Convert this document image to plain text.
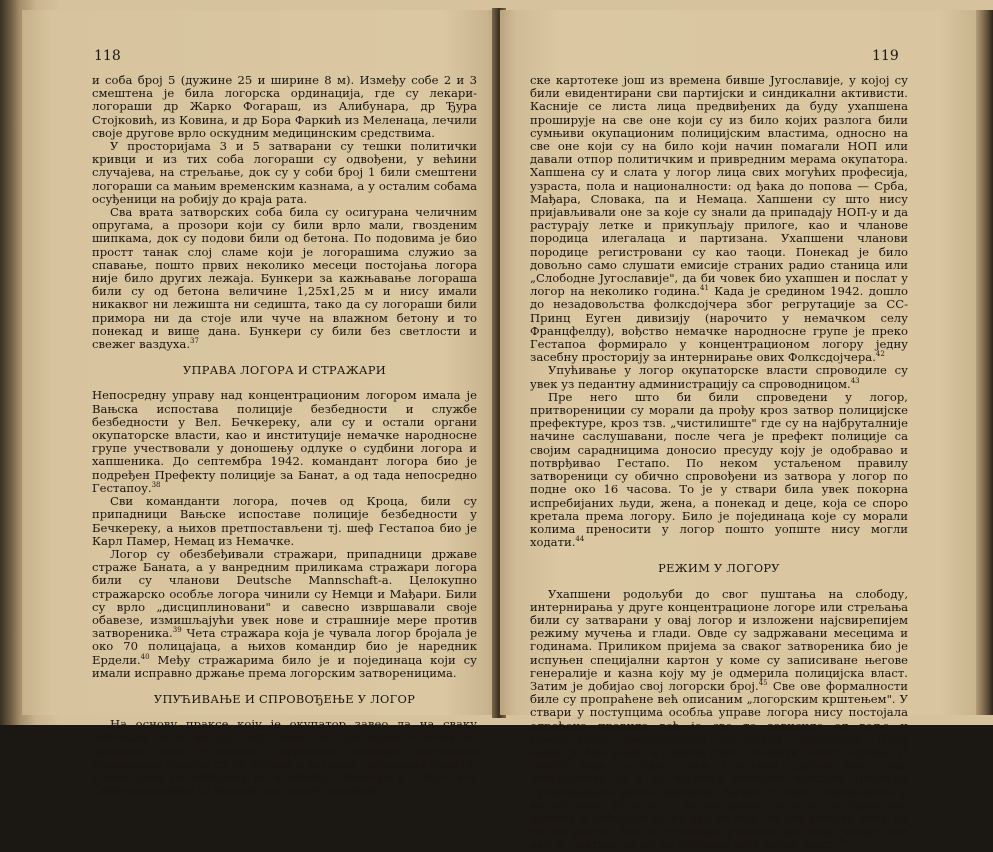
118

и соба број 5 (дужине 25 и ширине 8 м). Између собе 2 и 3 смештена је била логорска ординација, где су лекари-логораши др Жарко Фогараш, из Алибунара, др Ђура Стојковић, из Ковина, и др Бора Фаркић из Меленаца, лечили своје другове врло оскудним медицинским средствима.

У просторијама 3 и 5 затварани су тешки политички кривци и из тих соба логораши су одвођени, у већини случајева, на стрељање, док су у соби број 1 били смештени логораши са мањим временским казнама, а у осталим собама осуђеници на робију до краја рата.

Сва врата затворских соба била су осигурана челичним опругама, а прозори који су били врло мали, гвозденим шипкама, док су подови били од бетона. По подовима је био простт танак слој сламе који је логорашима служио за спавање, пошто првих неколико месеци постојања логора није било других лежаја. Бункери за кажњавање логораша били су од бетона величине 1,25x1,25 м и нису имали никаквог ни лежишта ни седишта, тако да су логораши били примора ни да стоје или чуче на влажном бетону и то понекад и више дана. Бункери су били без светлости и свежег ваздуха.$^{37}$

УПРАВА ЛОГОРА И СТРАЖАРИ

Непосредну управу над концентрационим логором имала је Вањска испостава полиције безбедности и службе безбедности у Вел. Бечкереку, али су и остали органи окупаторске власти, као и институције немачке народносне групе учествовали у доношењу одлуке о судбини логора и хапшеника. До септембра 1942. командант логора био је подређен Префекту полиције за Банат, а од тада непосредно Гестапоу.$^{38}$

Сви команданти логора, почев од Кроца, били су припадници Вањске испоставе полиције безбедности у Бечкереку, а њихов претпостављени тј. шеф Гестапоа био је Карл Памер, Немац из Немачке.

Логор су обезбеђивали стражари, припадници државе стражe Баната, а у ванредним приликама стражари логора били су чланови Deutsche Mannschaft-a. Целокупно стражарско особље логора чинили су Немци и Мађари. Били су врло „дисциплиновани" и савесно извршавали своје обавезе, измишљајући увек нове и страшније мере против затвореника.$^{39}$ Чета стражара која је чувала логор бројала је око 70 полицајаца, а њихов командир био је наредник Ердели.$^{40}$ Међу стражарима било је и појединаца који су имали исправно држање према логорским затвореницима.

УПУЋИВАЊЕ И СПРОВОЂЕЊЕ У ЛОГОР

На основу праксе коју је окупатор завео да на сваку саботажу или напад партизана на припаднике немачке оружане силе и њихове сараднике одговори масовним одмаздама, пунили су се логори и затвори грађанима Баната. Првих дана по избијању рата између Немачке и Совјетског Савеза хапшења су вршена на основу полициј-

119

ске картотеке још из времена бивше Југославије, у којој су били евидентирани сви партијски и синдикални активисти. Касније се листа лица предвиђених да буду ухапшена проширује на све оне који су из било којих разлога били сумњиви окупационим полицијским властима, односно на све оне који су на било који начин помагали НОП или давали отпор политичким и привредним мерама окупатора. Хапшена су и слата у логор лица свих могућих професија, узраста, пола и националности: од ђака до попова — Срба, Мађара, Словака, па и Немаца. Хапшени су што нису пријављивали оне за које су знали да припадају НОП-у и да растурају летке и прикупљају прилоге, као и чланове породица илегалаца и партизана. Ухапшени чланови породице регистровани су као таоци. Понекад је било довољно само слушати емисије страних радио станица или „Слободне Југославије", да би човек био ухапшен и послат у логор на неколико година.$^{41}$ Када је средином 1942. дошло до незадовољства фолксдојчера због регрутације за СС-Принц Еуген дивизију (нарочито у немачком селу Францфелду), вођство немачке народносне групе је преко Гестапоа формирало у концентрационом логору једну засебну просторију за интернирање ових Фолксдојчера.$^{42}$

Упућивање у логор окупаторске власти спроводиле су увек уз педантну администрацију са спроводницом.$^{43}$

Пре него што би били спроведени у логор, притворениции су морали да прођу кроз затвор полицијске префектуре, кроз тзв. „чистилиште" где су на најбруталније начине саслушавани, после чега је префект полиције са својим сарадницима доносио пресуду коју је одобравао и потврђивао Гестапо. По неком устаљеном правилу затвореници су обично спровођени из затвора у логор по подне око 16 часова. То је у ствари била увек покорна испребијаних људи, жена, а понекад и деце, која се споро кретала према логору. Било је појединаца које су морали колима преносити у логор пошто уопште нису могли ходати.$^{44}$

РЕЖИМ У ЛОГОРУ

Ухапшени родољуби до свог пуштања на слободу, интернирања у друге концентрационе логоре или стрељања били су затварани у овај логор и изложени најсвирепијем режиму мучења и глади. Овде су задржавани месецима и годинама. Приликом пријема за сваког затвореника био је испуњен специјални картон у коме су записиване његове генералије и казна коју му је одмерила полицијска власт. Затим је добијао свој логорски број.$^{45}$ Све ове формалности биле су пропраћене већ описаним „логорским крштењем". У ствари у поступцима особља управе логора нису постојала одређена правила већ је све то зависило од воље и моменталног расположења логорских старешина. Пред њима је био један и главни циљ: сломити отпор народа. И пошто није постојао неки устаљени „кућни ред", над логорашима су и за најмање учињене наводне преступе примењиване разне санкције. Казне су биле појединачне и колективне. Батине су за логораше постале саставни део живота и добијали су их ако се нпр. за два минута нису на чесми умили, ако се стражару учинило да споро ходају или ако је сматрао да му се логораш није добро јавио.$^{46}$
